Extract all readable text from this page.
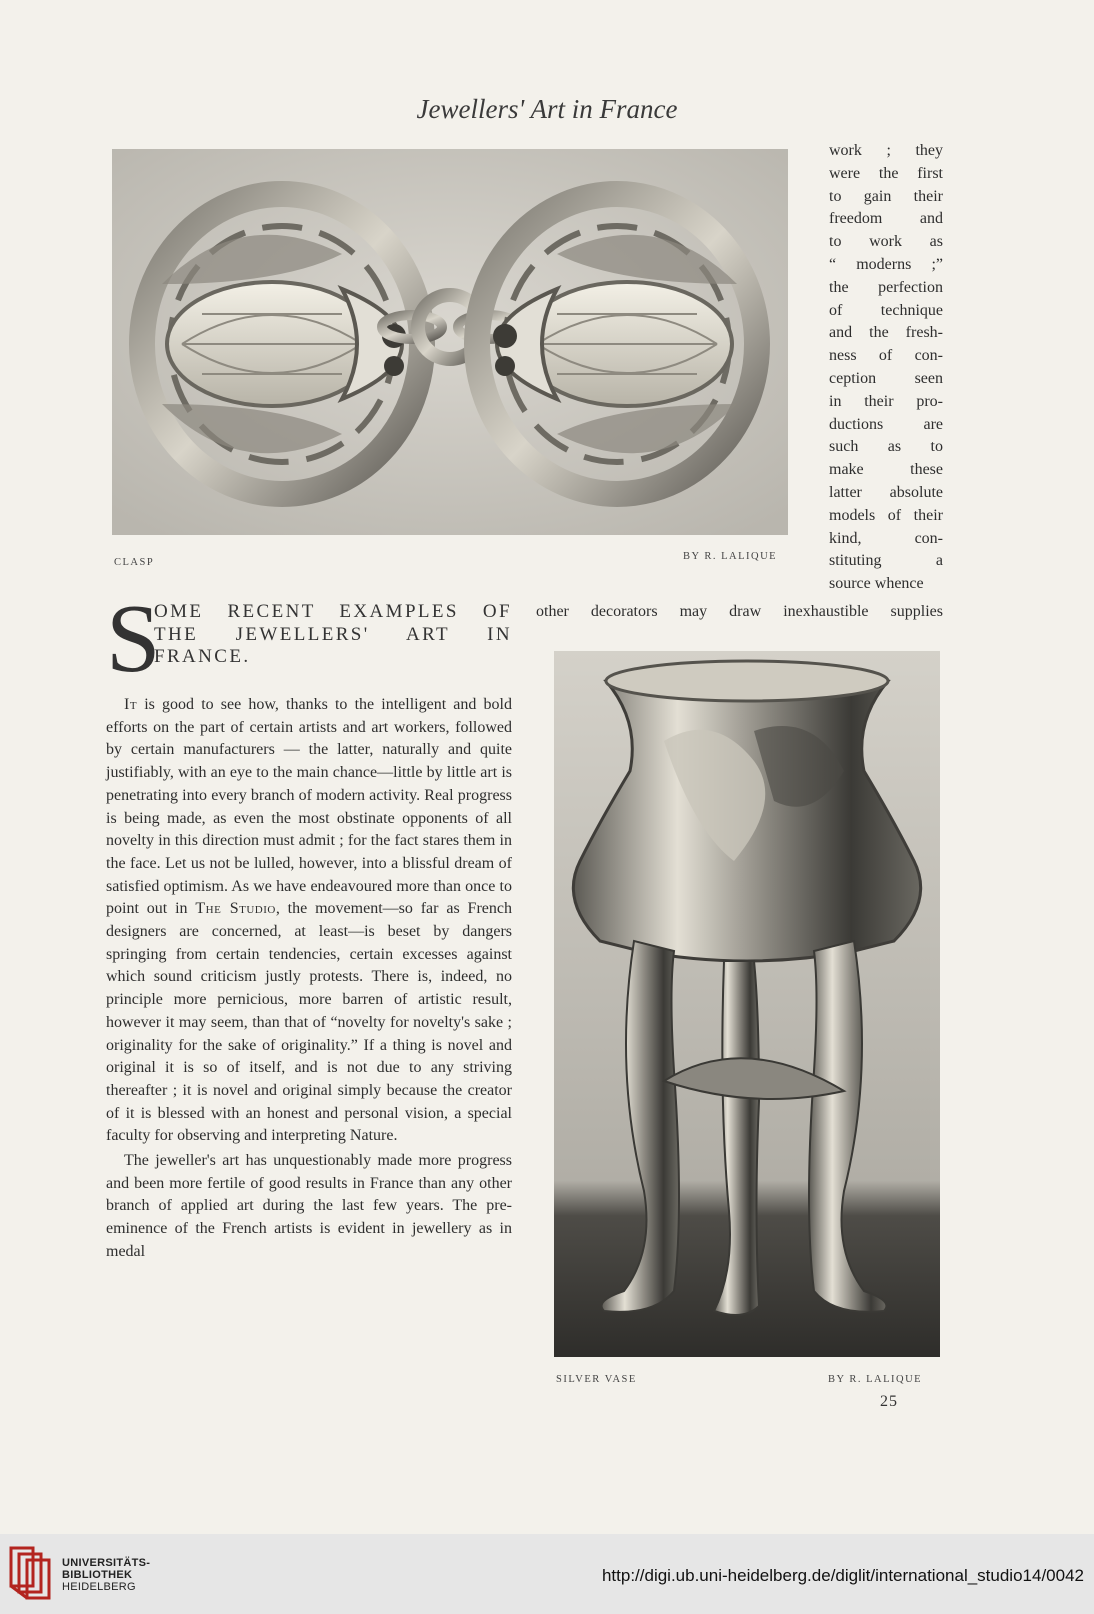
Jewellers' Art in France
CLASP
BY R. LALIQUE
work ; they
were the first
to gain their
freedom and
to work as
“ moderns ;”
the perfection
of technique
and the fresh-
ness of con-
ception seen
in their pro-
ductions are
such as to
make these
latter absolute
models of their
kind, con-
stituting a
source whence
other decorators may draw inexhaustible supplies
S
OME RECENT EXAMPLES OF
THE JEWELLERS' ART IN
FRANCE.

It is good to see how, thanks to the intelligent and bold efforts on the part of certain artists and art workers, followed by certain manufacturers — the latter, naturally and quite justifiably, with an eye to the main chance—little by little art is penetrating into every branch of modern activity. Real progress is being made, as even the most obstinate opponents of all novelty in this direction must admit ; for the fact stares them in the face. Let us not be lulled, however, into a blissful dream of satisfied optimism. As we have endeavoured more than once to point out in The Studio, the movement—so far as French designers are concerned, at least—is beset by dangers springing from certain tendencies, certain excesses against which sound criticism justly protests. There is, indeed, no principle more pernicious, more barren of artistic result, however it may seem, than that of “novelty for novelty's sake ; originality for the sake of originality.” If a thing is novel and original it is so of itself, and is not due to any striving thereafter ; it is novel and original simply because the creator of it is blessed with an honest and personal vision, a special faculty for observing and interpreting Nature.

The jeweller's art has unquestionably made more progress and been more fertile of good results in France than any other branch of applied art during the last few years. The pre-eminence of the French artists is evident in jewellery as in medal

SILVER VASE	BY R. LALIQUE
25
UNIVERSITÄTS-
BIBLIOTHEK
HEIDELBERG
http://digi.ub.uni-heidelberg.de/diglit/international_studio14/0042
